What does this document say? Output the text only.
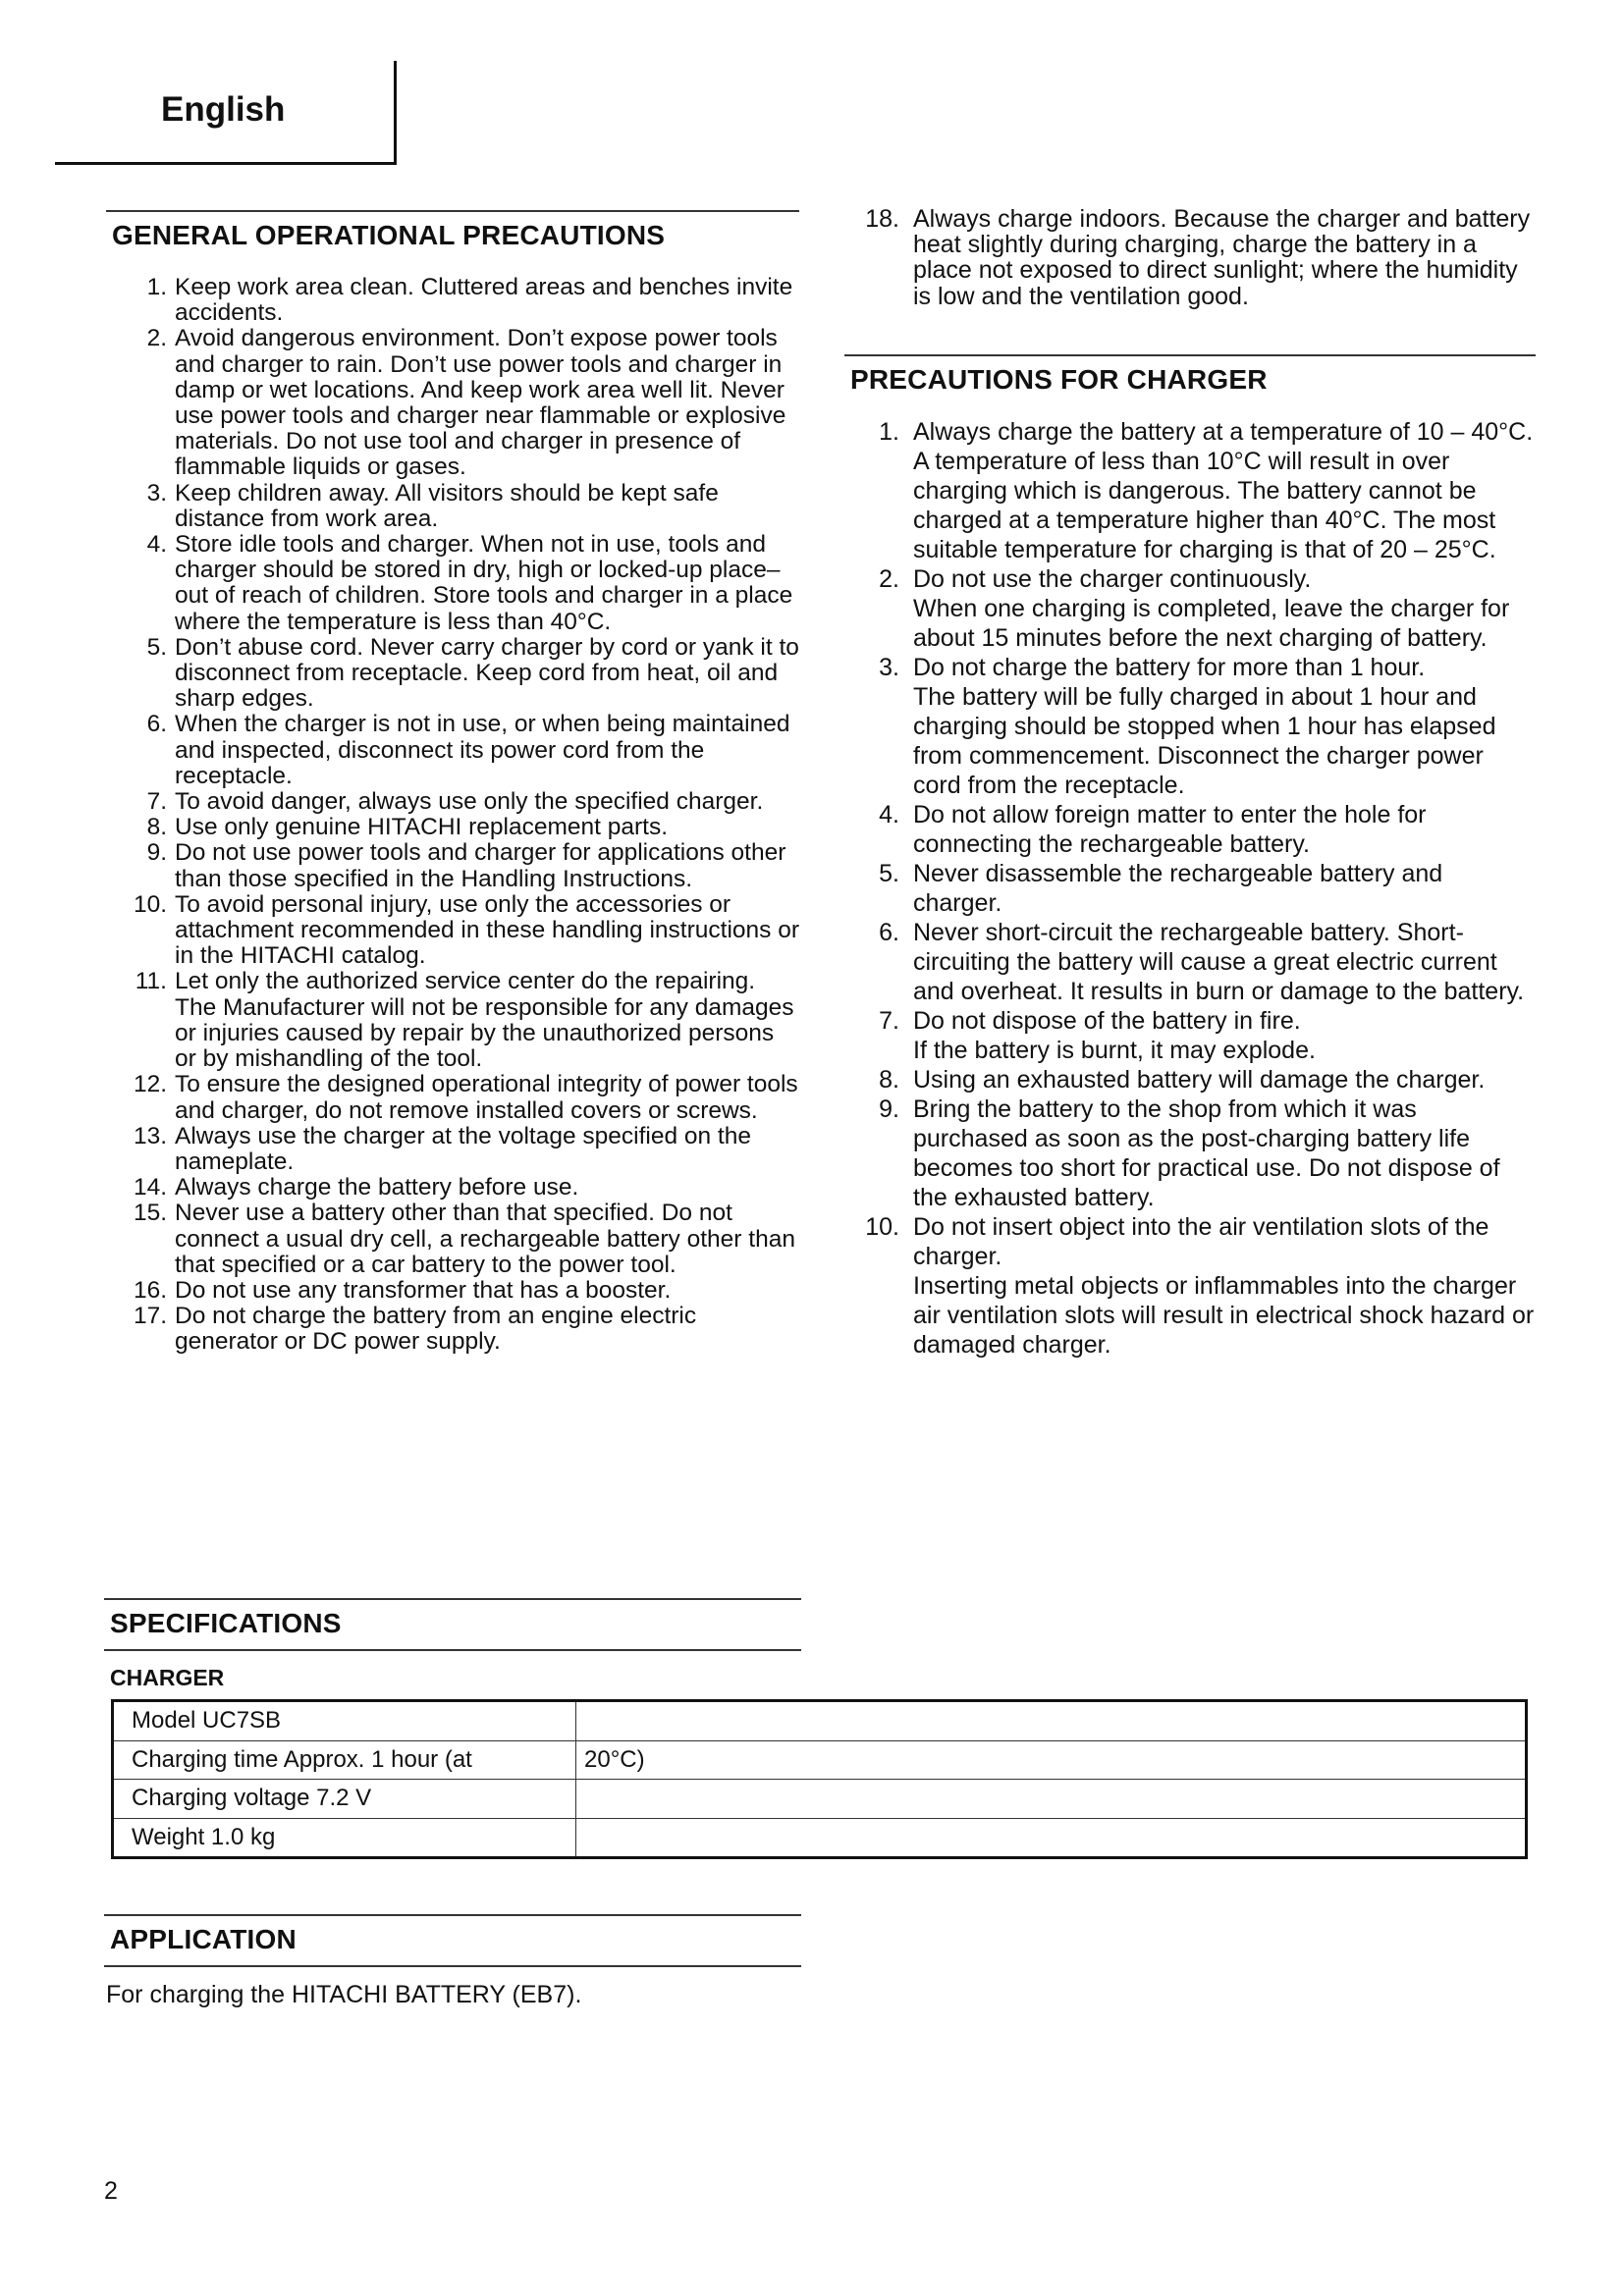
English
GENERAL OPERATIONAL PRECAUTIONS
1. Keep work area clean. Cluttered areas and benches invite accidents.
2. Avoid dangerous environment. Don’t expose power tools and charger to rain. Don’t use power tools and charger in damp or wet locations. And keep work area well lit. Never use power tools and charger near flammable or explosive materials. Do not use tool and charger in presence of flammable liquids or gases.
3. Keep children away. All visitors should be kept safe distance from work area.
4. Store idle tools and charger. When not in use, tools and charger should be stored in dry, high or locked-up place–out of reach of children. Store tools and charger in a place where the temperature is less than 40°C.
5. Don’t abuse cord. Never carry charger by cord or yank it to disconnect from receptacle. Keep cord from heat, oil and sharp edges.
6. When the charger is not in use, or when being maintained and inspected, disconnect its power cord from the receptacle.
7. To avoid danger, always use only the specified charger.
8. Use only genuine HITACHI replacement parts.
9. Do not use power tools and charger for applications other than those specified in the Handling Instructions.
10. To avoid personal injury, use only the accessories or attachment recommended in these handling instructions or in the HITACHI catalog.
11. Let only the authorized service center do the repairing. The Manufacturer will not be responsible for any damages or injuries caused by repair by the unauthorized persons or by mishandling of the tool.
12. To ensure the designed operational integrity of power tools and charger, do not remove installed covers or screws.
13. Always use the charger at the voltage specified on the nameplate.
14. Always charge the battery before use.
15. Never use a battery other than that specified. Do not connect a usual dry cell, a rechargeable battery other than that specified or a car battery to the power tool.
16. Do not use any transformer that has a booster.
17. Do not charge the battery from an engine electric generator or DC power supply.
18. Always charge indoors. Because the charger and battery heat slightly during charging, charge the battery in a place not exposed to direct sunlight; where the humidity is low and the ventilation good.
PRECAUTIONS FOR CHARGER
1. Always charge the battery at a temperature of 10 – 40°C. A temperature of less than 10°C will result in over charging which is dangerous. The battery cannot be charged at a temperature higher than 40°C. The most suitable temperature for charging is that of 20 – 25°C.
2. Do not use the charger continuously.
When one charging is completed, leave the charger for about 15 minutes before the next charging of battery.
3. Do not charge the battery for more than 1 hour.
The battery will be fully charged in about 1 hour and charging should be stopped when 1 hour has elapsed from commencement. Disconnect the charger power cord from the receptacle.
4. Do not allow foreign matter to enter the hole for connecting the rechargeable battery.
5. Never disassemble the rechargeable battery and charger.
6. Never short-circuit the rechargeable battery. Short-circuiting the battery will cause a great electric current and overheat. It results in burn or damage to the battery.
7. Do not dispose of the battery in fire.
If the battery is burnt, it may explode.
8. Using an exhausted battery will damage the charger.
9. Bring the battery to the shop from which it was purchased as soon as the post-charging battery life becomes too short for practical use. Do not dispose of the exhausted battery.
10. Do not insert object into the air ventilation slots of the charger.
Inserting metal objects or inflammables into the charger air ventilation slots will result in electrical shock hazard or damaged charger.
SPECIFICATIONS
CHARGER
Model UC7SB	
Charging time Approx. 1 hour (at	20°C)
Charging voltage 7.2 V	
Weight 1.0 kg	
APPLICATION
For charging the HITACHI BATTERY (EB7).
2
